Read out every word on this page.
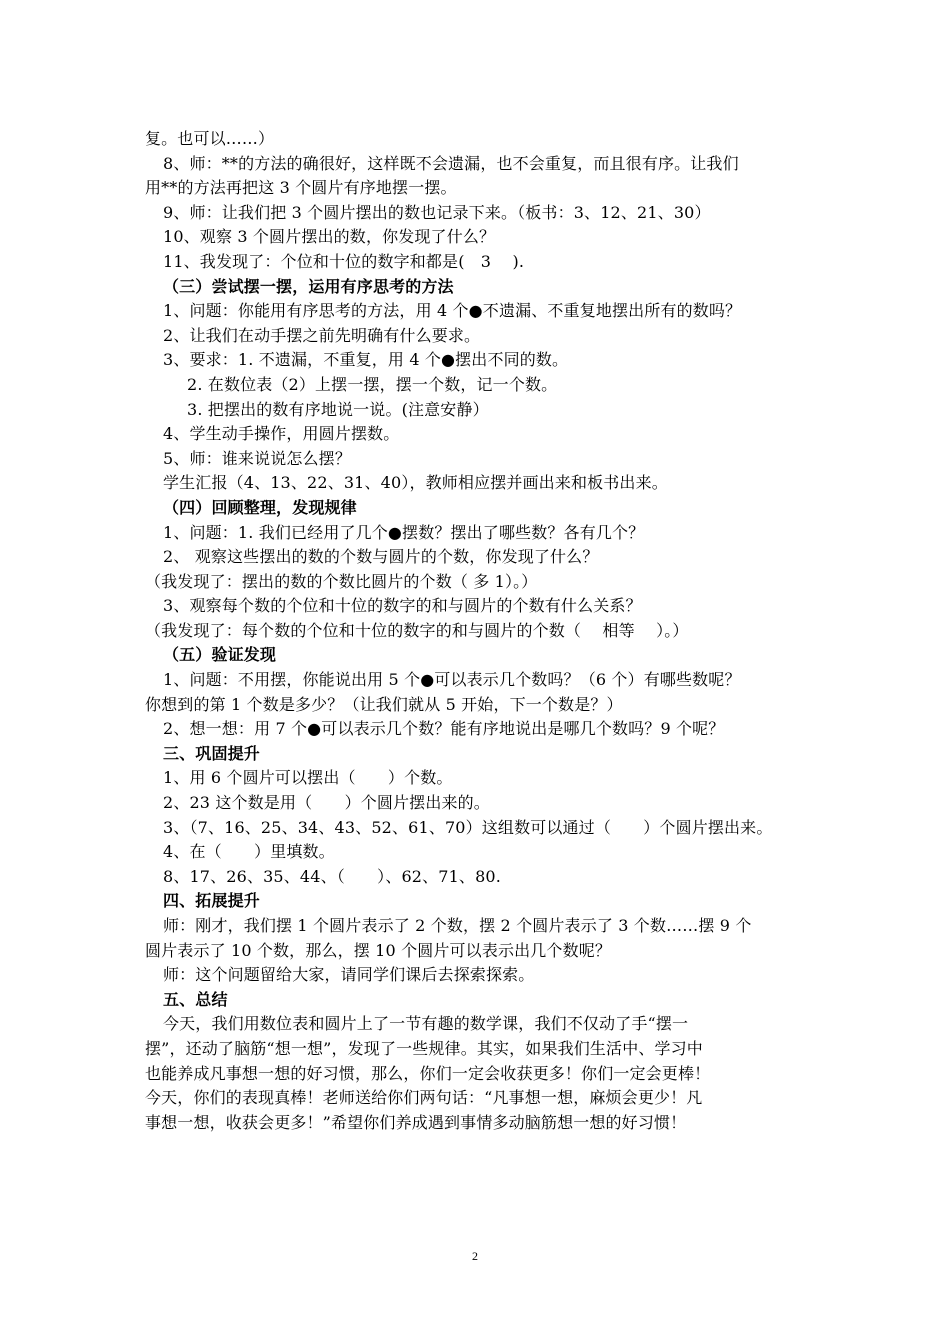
复。也可以……）
8、师：**的方法的确很好，这样既不会遗漏，也不会重复，而且很有序。让我们
用**的方法再把这 3 个圆片有序地摆一摆。
9、师：让我们把 3 个圆片摆出的数也记录下来。（板书：3、12、21、30）
10、观察 3 个圆片摆出的数，你发现了什么？
11、我发现了：个位和十位的数字和都是(　3　 ).
（三）尝试摆一摆，运用有序思考的方法
1、问题：你能用有序思考的方法，用 4 个●不遗漏、不重复地摆出所有的数吗？
2、让我们在动手摆之前先明确有什么要求。
3、要求：1. 不遗漏，不重复，用 4 个●摆出不同的数。
2. 在数位表（2）上摆一摆，摆一个数，记一个数。
3. 把摆出的数有序地说一说。(注意安静）
4、学生动手操作，用圆片摆数。
5、师：谁来说说怎么摆？
学生汇报（4、13、22、31、40），教师相应摆并画出来和板书出来。
（四）回顾整理，发现规律
1、问题：1. 我们已经用了几个●摆数？摆出了哪些数？各有几个？
2、 观察这些摆出的数的个数与圆片的个数，你发现了什么？
（我发现了：摆出的数的个数比圆片的个数（ 多 1）。）
3、观察每个数的个位和十位的数字的和与圆片的个数有什么关系？
（我发现了：每个数的个位和十位的数字的和与圆片的个数（　 相等　 ）。）
（五）验证发现
1、问题：不用摆，你能说出用 5 个●可以表示几个数吗？（6 个）有哪些数呢？
你想到的第 1 个数是多少？（让我们就从 5 开始，下一个数是？）
2、想一想：用 7 个●可以表示几个数？能有序地说出是哪几个数吗？9 个呢？
三、巩固提升
1、用 6 个圆片可以摆出（　　）个数。
2、23 这个数是用（　　）个圆片摆出来的。
3、（7、16、25、34、43、52、61、70）这组数可以通过（　　）个圆片摆出来。
4、在（　　）里填数。
8、17、26、35、44、（　　）、62、71、80.
四、拓展提升
师：刚才，我们摆 1 个圆片表示了 2 个数，摆 2 个圆片表示了 3 个数……摆 9 个
圆片表示了 10 个数，那么，摆 10 个圆片可以表示出几个数呢？
师：这个问题留给大家，请同学们课后去探索探索。
五、总结
今天，我们用数位表和圆片上了一节有趣的数学课，我们不仅动了手“摆一
摆”，还动了脑筋“想一想”，发现了一些规律。其实，如果我们生活中、学习中
也能养成凡事想一想的好习惯，那么，你们一定会收获更多！你们一定会更棒！
今天，你们的表现真棒！老师送给你们两句话：“凡事想一想，麻烦会更少！凡
事想一想，收获会更多！”希望你们养成遇到事情多动脑筋想一想的好习惯！
2
